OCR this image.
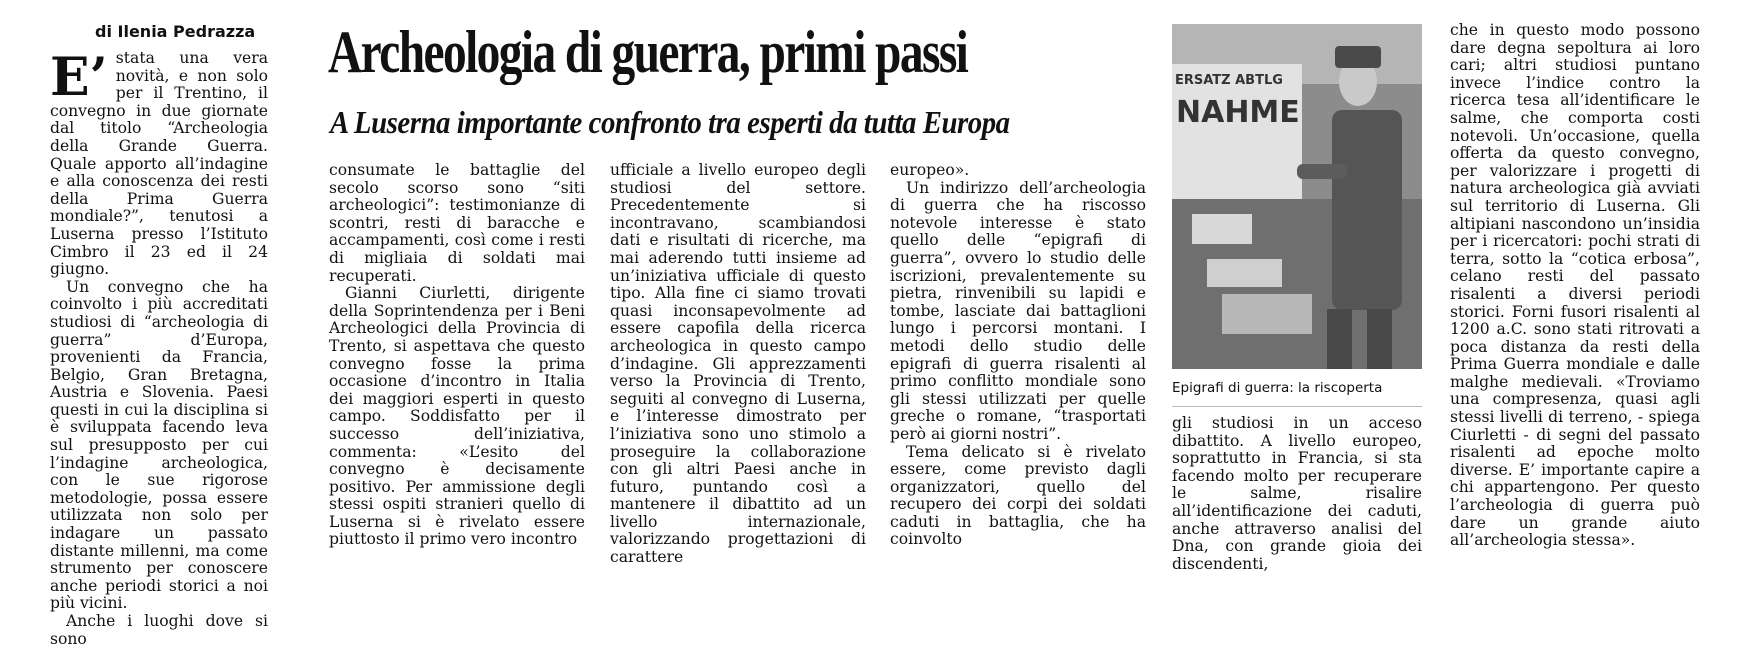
di Ilenia Pedrazza Archeologia di guerra, primi passi
A Luserna importante confronto tra esperti da tutta Europa

E’ stata una vera novità, e non solo per il Trentino, il convegno in due giornate dal titolo “Archeologia della Grande Guerra. Quale apporto all’indagine e alla conoscenza dei resti della Prima Guerra mondiale?”, tenutosi a Luserna presso l’Istituto Cimbro il 23 ed il 24 giugno.

Un convegno che ha coinvolto i più accreditati studiosi di “archeologia di guerra” d’Europa, provenienti da Francia, Belgio, Gran Bretagna, Austria e Slovenia. Paesi questi in cui la disciplina si è sviluppata facendo leva sul presupposto per cui l’indagine archeologica, con le sue rigorose metodologie, possa essere utilizzata non solo per indagare un passato distante millenni, ma come strumento per conoscere anche periodi storici a noi più vicini.

Anche i luoghi dove si sono

consumate le battaglie del secolo scorso sono “siti archeologici”: testimonianze di scontri, resti di baracche e accampamenti, così come i resti di migliaia di soldati mai recuperati.

Gianni Ciurletti, dirigente della Soprintendenza per i Beni Archeologici della Provincia di Trento, si aspettava che questo convegno fosse la prima occasione d’incontro in Italia dei maggiori esperti in questo campo. Soddisfatto per il successo dell’iniziativa, commenta: «L’esito del convegno è decisamente positivo. Per ammissione degli stessi ospiti stranieri quello di Luserna si è rivelato essere piuttosto il primo vero incontro

ufficiale a livello europeo degli studiosi del settore. Precedentemente si incontravano, scambiandosi dati e risultati di ricerche, ma mai aderendo tutti insieme ad un’iniziativa ufficiale di questo tipo. Alla fine ci siamo trovati quasi inconsapevolmente ad essere capofila della ricerca archeologica in questo campo d’indagine. Gli apprezzamenti verso la Provincia di Trento, seguiti al convegno di Luserna, e l’interesse dimostrato per l’iniziativa sono uno stimolo a proseguire la collaborazione con gli altri Paesi anche in futuro, puntando così a mantenere il dibattito ad un livello internazionale, valorizzando progettazioni di carattere

europeo».

Un indirizzo dell’archeologia di guerra che ha riscosso notevole interesse è stato quello delle “epigrafi di guerra”, ovvero lo studio delle iscrizioni, prevalentemente su pietra, rinvenibili su lapidi e tombe, lasciate dai battaglioni lungo i percorsi montani. I metodi dello studio delle epigrafi di guerra risalenti al primo conflitto mondiale sono gli stessi utilizzati per quelle greche o romane, “trasportati però ai giorni nostri”.

Tema delicato si è rivelato essere, come previsto dagli organizzatori, quello del recupero dei corpi dei soldati caduti in battaglia, che ha coinvolto

ERSATZ ABTLG
NAHME
Epigrafi di guerra: la riscoperta

gli studiosi in un acceso dibattito. A livello europeo, soprattutto in Francia, si sta facendo molto per recuperare le salme, risalire all’identificazione dei caduti, anche attraverso analisi del Dna, con grande gioia dei discendenti,

che in questo modo possono dare degna sepoltura ai loro cari; altri studiosi puntano invece l’indice contro la ricerca tesa all’identificare le salme, che comporta costi notevoli. Un’occasione, quella offerta da questo convegno, per valorizzare i progetti di natura archeologica già avviati sul territorio di Luserna. Gli altipiani nascondono un’insidia per i ricercatori: pochi strati di terra, sotto la “cotica erbosa”, celano resti del passato risalenti a diversi periodi storici. Forni fusori risalenti al 1200 a.C. sono stati ritrovati a poca distanza da resti della Prima Guerra mondiale e dalle malghe medievali. «Troviamo una compresenza, quasi agli stessi livelli di terreno, - spiega Ciurletti - di segni del passato risalenti ad epoche molto diverse. E’ importante capire a chi appartengono. Per questo l’archeologia di guerra può dare un grande aiuto all’archeologia stessa».
